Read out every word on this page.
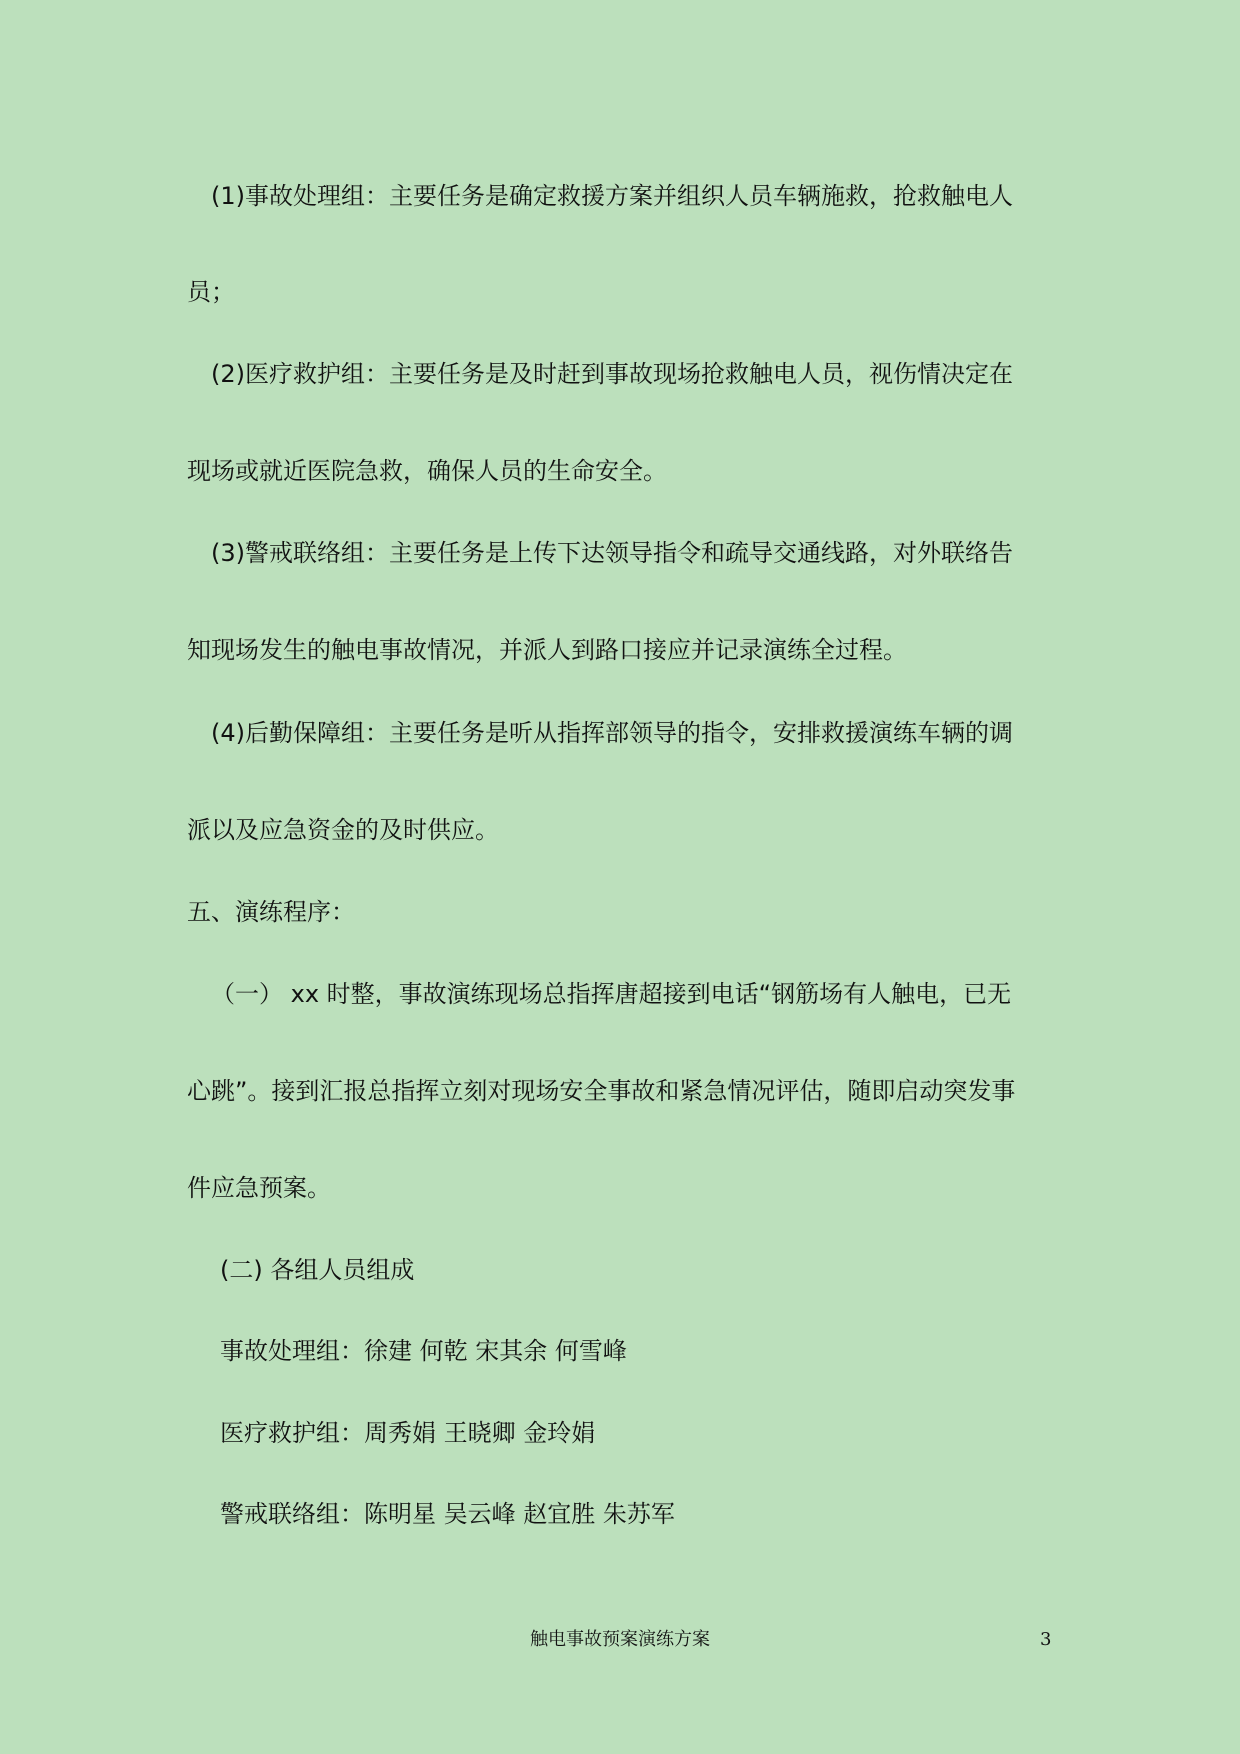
(1)事故处理组：主要任务是确定救援方案并组织人员车辆施救，抢救触电人
员；
(2)医疗救护组：主要任务是及时赶到事故现场抢救触电人员，视伤情决定在
现场或就近医院急救，确保人员的生命安全。
(3)警戒联络组：主要任务是上传下达领导指令和疏导交通线路，对外联络告
知现场发生的触电事故情况，并派人到路口接应并记录演练全过程。
(4)后勤保障组：主要任务是听从指挥部领导的指令，安排救援演练车辆的调
派以及应急资金的及时供应。
五、演练程序：
（一） xx 时整，事故演练现场总指挥唐超接到电话“钢筋场有人触电，已无
心跳”。接到汇报总指挥立刻对现场安全事故和紧急情况评估，随即启动突发事
件应急预案。
(二) 各组人员组成
事故处理组：徐建 何乾 宋其余 何雪峰
医疗救护组：周秀娟 王晓卿 金玲娟
警戒联络组：陈明星 吴云峰 赵宜胜 朱苏军
触电事故预案演练方案	3
